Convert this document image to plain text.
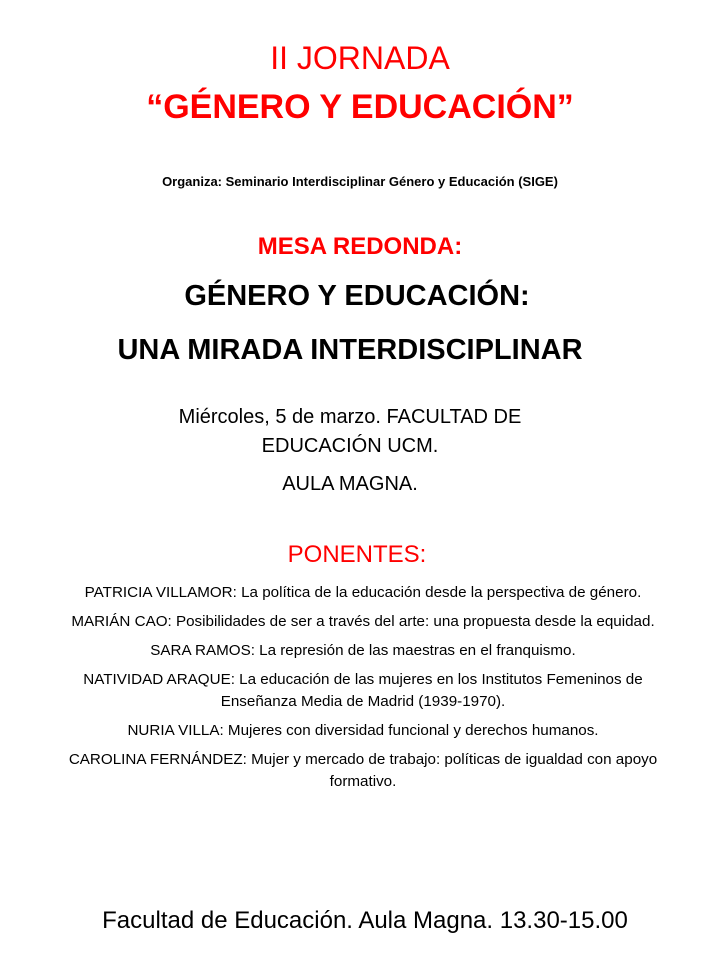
II JORNADA
“GÉNERO Y EDUCACIÓN”
Organiza: Seminario Interdisciplinar Género y Educación (SIGE)
MESA REDONDA:
GÉNERO Y EDUCACIÓN:
UNA MIRADA INTERDISCIPLINAR
Miércoles, 5 de marzo. FACULTAD DE
EDUCACIÓN UCM.
AULA MAGNA.
PONENTES:
PATRICIA VILLAMOR: La política de la educación desde la perspectiva de género.
MARIÁN CAO: Posibilidades de ser a través del arte: una propuesta desde la equidad.
SARA RAMOS: La represión de las maestras en el franquismo.
NATIVIDAD ARAQUE: La educación de las mujeres en los Institutos Femeninos de Enseñanza Media de Madrid (1939-1970).
NURIA VILLA: Mujeres con diversidad funcional y derechos humanos.
CAROLINA FERNÁNDEZ: Mujer y mercado de trabajo: políticas de igualdad con apoyo formativo.
Facultad de Educación. Aula Magna. 13.30-15.00
